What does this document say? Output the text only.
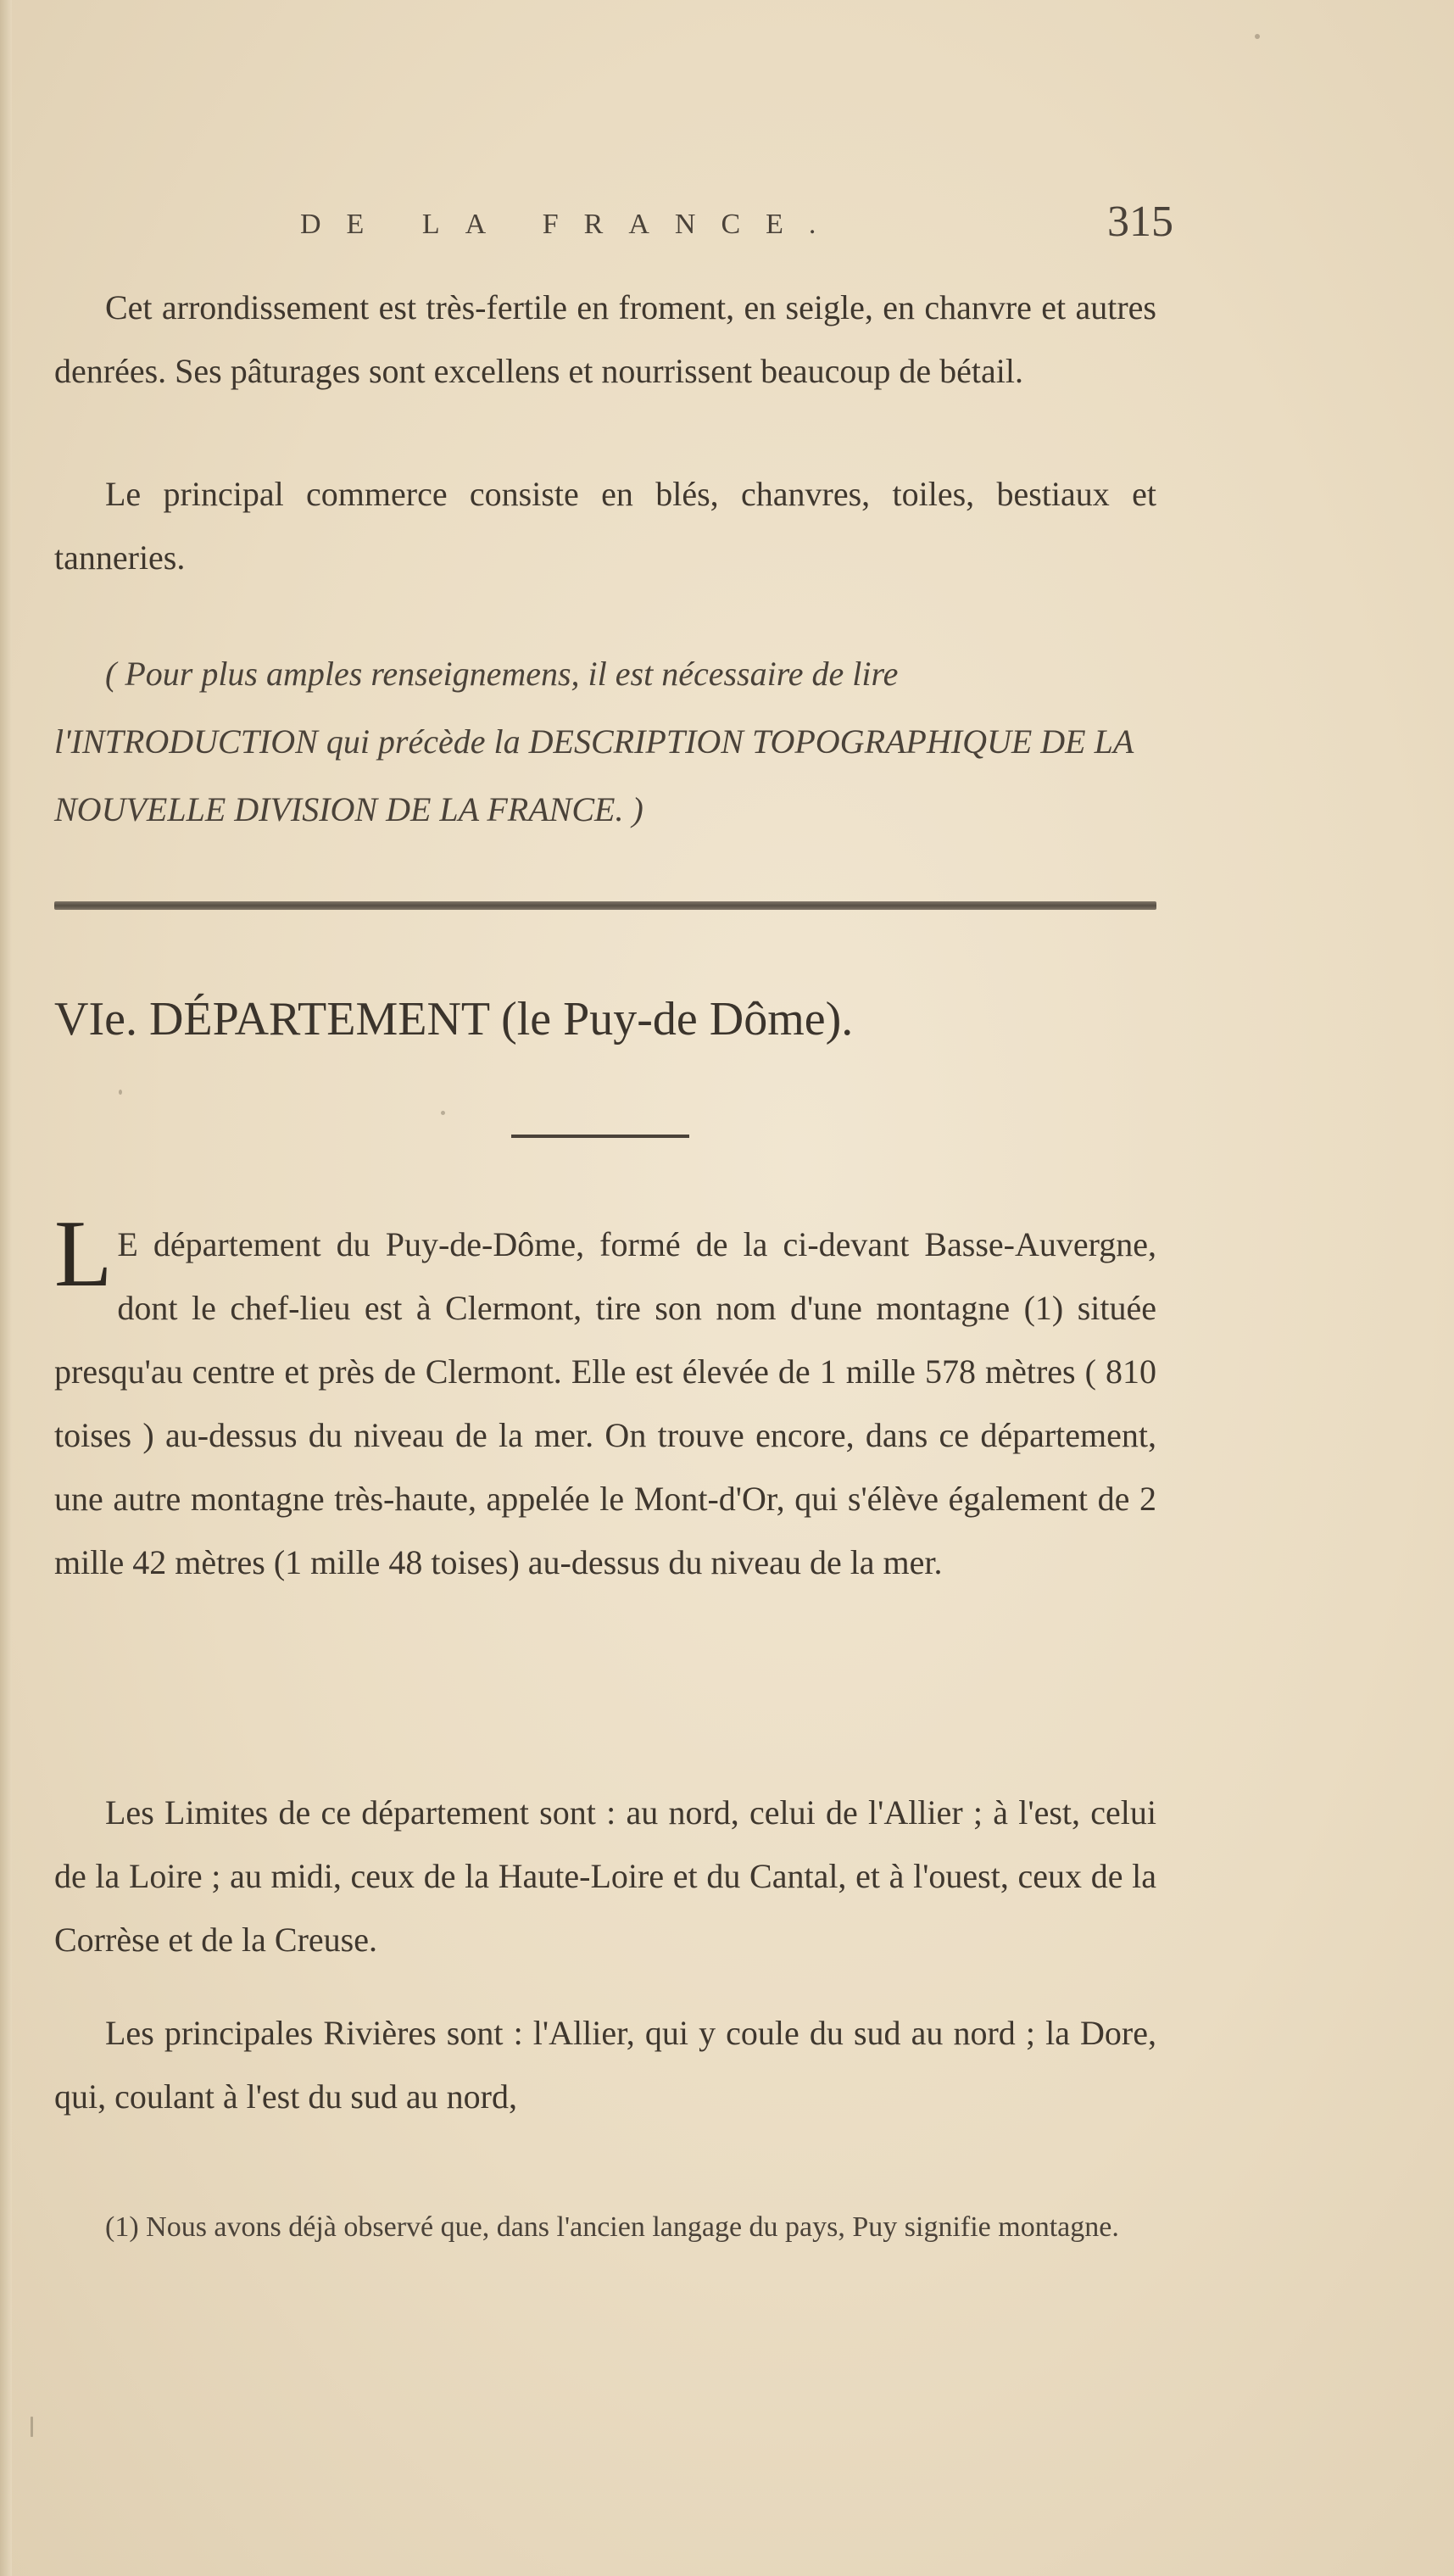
DE LA FRANCE.	315

Cet arrondissement est très-fertile en froment, en seigle, en chanvre et autres denrées. Ses pâturages sont excellens et nourrissent beaucoup de bétail.

Le principal commerce consiste en blés, chanvres, toiles, bestiaux et tanneries.

( Pour plus amples renseignemens, il est nécessaire de lire l'INTRODUCTION qui précède la DESCRIPTION TOPOGRAPHIQUE DE LA NOUVELLE DIVISION DE LA FRANCE. )

VIe. DÉPARTEMENT (le Puy-de Dôme).
L E département du Puy-de-Dôme, formé de la ci-devant Basse-Auvergne, dont le chef-lieu est à Clermont, tire son nom d'une montagne (1) située presqu'au centre et près de Clermont. Elle est élevée de 1 mille 578 mètres ( 810 toises ) au-dessus du niveau de la mer. On trouve encore, dans ce département, une autre montagne très-haute, appelée le Mont-d'Or, qui s'élève également de 2 mille 42 mètres (1 mille 48 toises) au-dessus du niveau de la mer.

Les Limites de ce département sont : au nord, celui de l'Allier ; à l'est, celui de la Loire ; au midi, ceux de la Haute-Loire et du Cantal, et à l'ouest, ceux de la Corrèse et de la Creuse.

Les principales Rivières sont : l'Allier, qui y coule du sud au nord ; la Dore, qui, coulant à l'est du sud au nord,

(1) Nous avons déjà observé que, dans l'ancien langage du pays, Puy signifie montagne.
